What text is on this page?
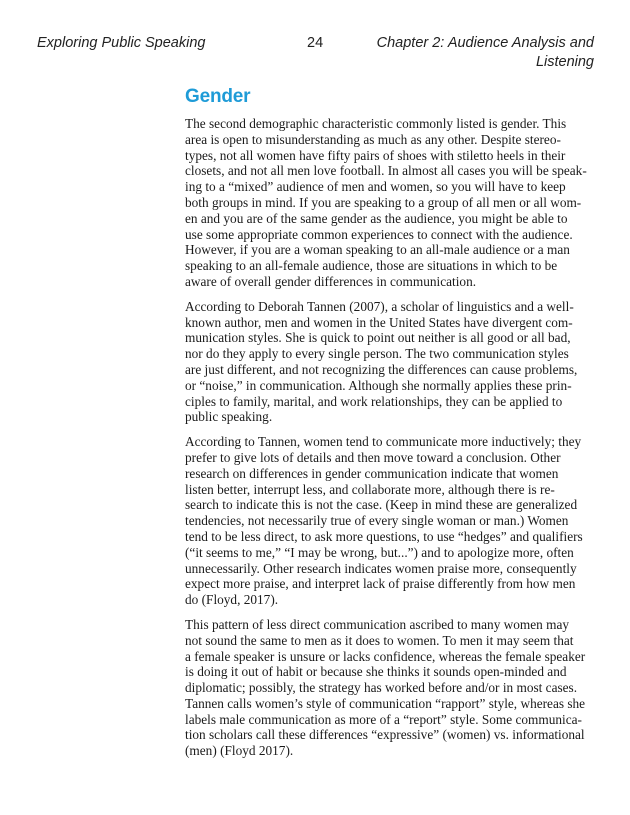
Exploring Public Speaking	24	Chapter 2: Audience Analysis and
Listening
Gender

The second demographic characteristic commonly listed is gender. This
area is open to misunderstanding as much as any other. Despite stereo-
types, not all women have fifty pairs of shoes with stiletto heels in their
closets, and not all men love football. In almost all cases you will be speak-
ing to a “mixed” audience of men and women, so you will have to keep
both groups in mind. If you are speaking to a group of all men or all wom-
en and you are of the same gender as the audience, you might be able to
use some appropriate common experiences to connect with the audience.
However, if you are a woman speaking to an all-male audience or a man
speaking to an all-female audience, those are situations in which to be
aware of overall gender differences in communication.

According to Deborah Tannen (2007), a scholar of linguistics and a well-
known author, men and women in the United States have divergent com-
munication styles. She is quick to point out neither is all good or all bad,
nor do they apply to every single person. The two communication styles
are just different, and not recognizing the differences can cause problems,
or “noise,” in communication. Although she normally applies these prin-
ciples to family, marital, and work relationships, they can be applied to
public speaking.

According to Tannen, women tend to communicate more inductively; they
prefer to give lots of details and then move toward a conclusion. Other
research on differences in gender communication indicate that women
listen better, interrupt less, and collaborate more, although there is re-
search to indicate this is not the case. (Keep in mind these are generalized
tendencies, not necessarily true of every single woman or man.) Women
tend to be less direct, to ask more questions, to use “hedges” and qualifiers
(“it seems to me,” “I may be wrong, but...”) and to apologize more, often
unnecessarily. Other research indicates women praise more, consequently
expect more praise, and interpret lack of praise differently from how men
do (Floyd, 2017).

This pattern of less direct communication ascribed to many women may
not sound the same to men as it does to women. To men it may seem that
a female speaker is unsure or lacks confidence, whereas the female speaker
is doing it out of habit or because she thinks it sounds open-minded and
diplomatic; possibly, the strategy has worked before and/or in most cases.
Tannen calls women’s style of communication “rapport” style, whereas she
labels male communication as more of a “report” style. Some communica-
tion scholars call these differences “expressive” (women) vs. informational
(men) (Floyd 2017).
